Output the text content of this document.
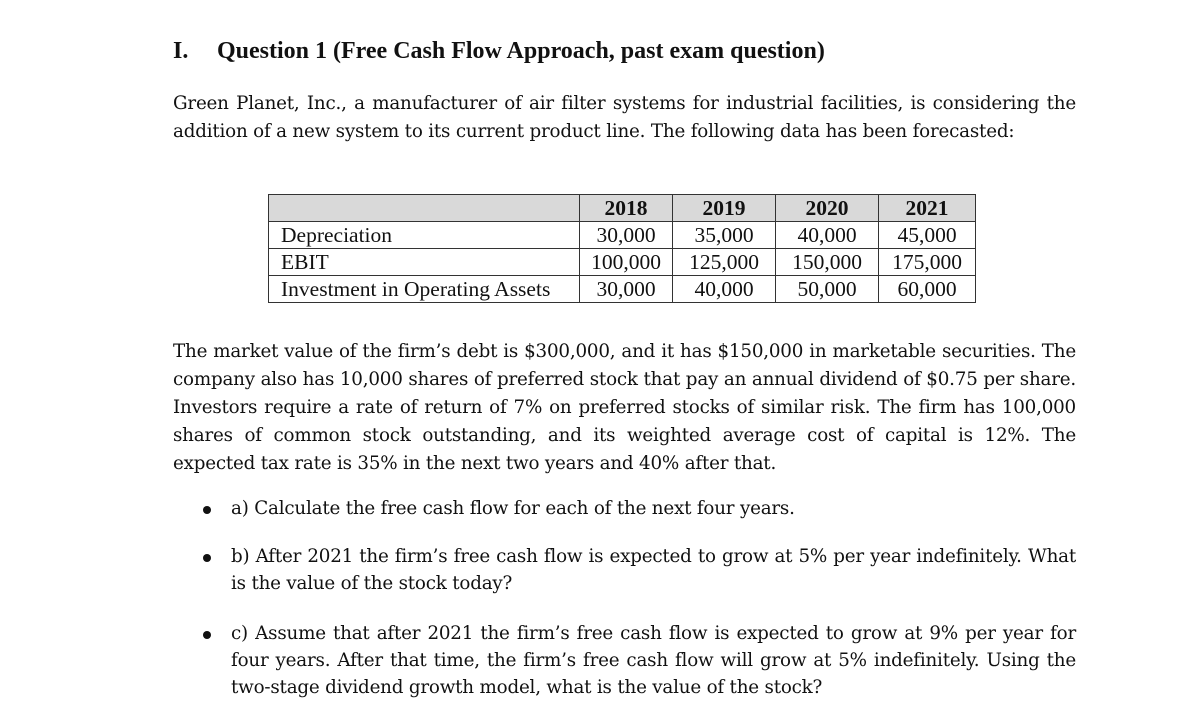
I. Question 1 (Free Cash Flow Approach, past exam question)
Green Planet, Inc., a manufacturer of air filter systems for industrial facilities, is considering the addition of a new system to its current product line. The following data has been forecasted:
	2018	2019	2020	2021
Depreciation	30,000	35,000	40,000	45,000
EBIT	100,000	125,000	150,000	175,000
Investment in Operating Assets	30,000	40,000	50,000	60,000
The market value of the firm’s debt is $300,000, and it has $150,000 in marketable securities. The company also has 10,000 shares of preferred stock that pay an annual dividend of $0.75 per share. Investors require a rate of return of 7% on preferred stocks of similar risk. The firm has 100,000 shares of common stock outstanding, and its weighted average cost of capital is 12%. The expected tax rate is 35% in the next two years and 40% after that.
a) Calculate the free cash flow for each of the next four years.
b) After 2021 the firm’s free cash flow is expected to grow at 5% per year indefinitely. What is the value of the stock today?
c) Assume that after 2021 the firm’s free cash flow is expected to grow at 9% per year for four years. After that time, the firm’s free cash flow will grow at 5% indefinitely. Using the two-stage dividend growth model, what is the value of the stock?
